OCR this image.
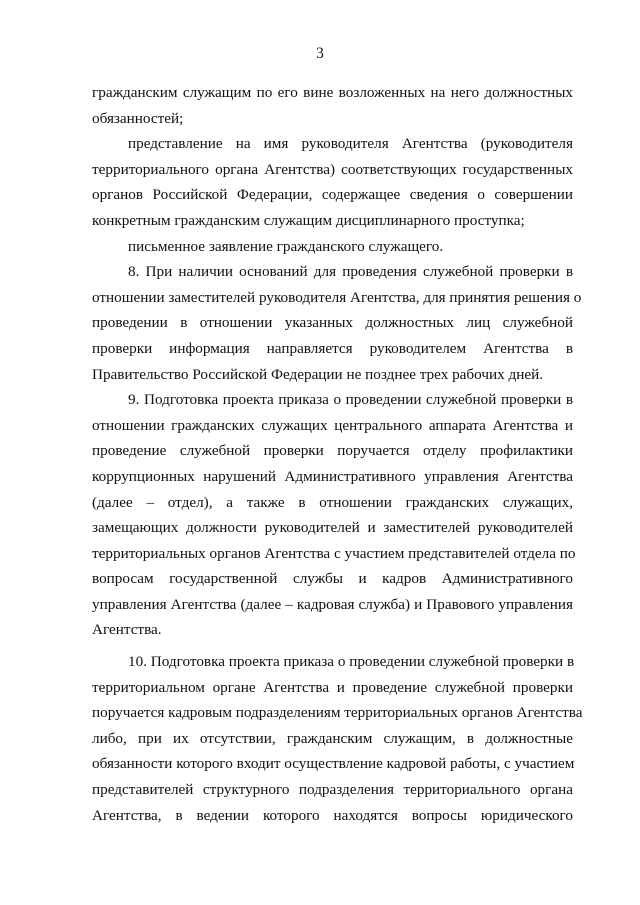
3
гражданским служащим по его вине возложенных на него должностных
обязанностей;
представление на имя руководителя Агентства (руководителя
территориального органа Агентства) соответствующих государственных
органов Российской Федерации, содержащее сведения о совершении
конкретным гражданским служащим дисциплинарного проступка;
письменное заявление гражданского служащего.
8. При наличии оснований для проведения служебной проверки в
отношении заместителей руководителя Агентства, для принятия решения о
проведении в отношении указанных должностных лиц служебной
проверки информация направляется руководителем Агентства в
Правительство Российской Федерации не позднее трех рабочих дней.
9. Подготовка проекта приказа о проведении служебной проверки в
отношении гражданских служащих центрального аппарата Агентства и
проведение служебной проверки поручается отделу профилактики
коррупционных нарушений Административного управления Агентства
(далее – отдел), а также в отношении гражданских служащих,
замещающих должности руководителей и заместителей руководителей
территориальных органов Агентства с участием представителей отдела по
вопросам государственной службы и кадров Административного
управления Агентства (далее – кадровая служба) и Правового управления
Агентства.
10. Подготовка проекта приказа о проведении служебной проверки в
территориальном органе Агентства и проведение служебной проверки
поручается кадровым подразделениям территориальных органов Агентства
либо, при их отсутствии, гражданским служащим, в должностные
обязанности которого входит осуществление кадровой работы, с участием
представителей структурного подразделения территориального органа
Агентства, в ведении которого находятся вопросы юридического
